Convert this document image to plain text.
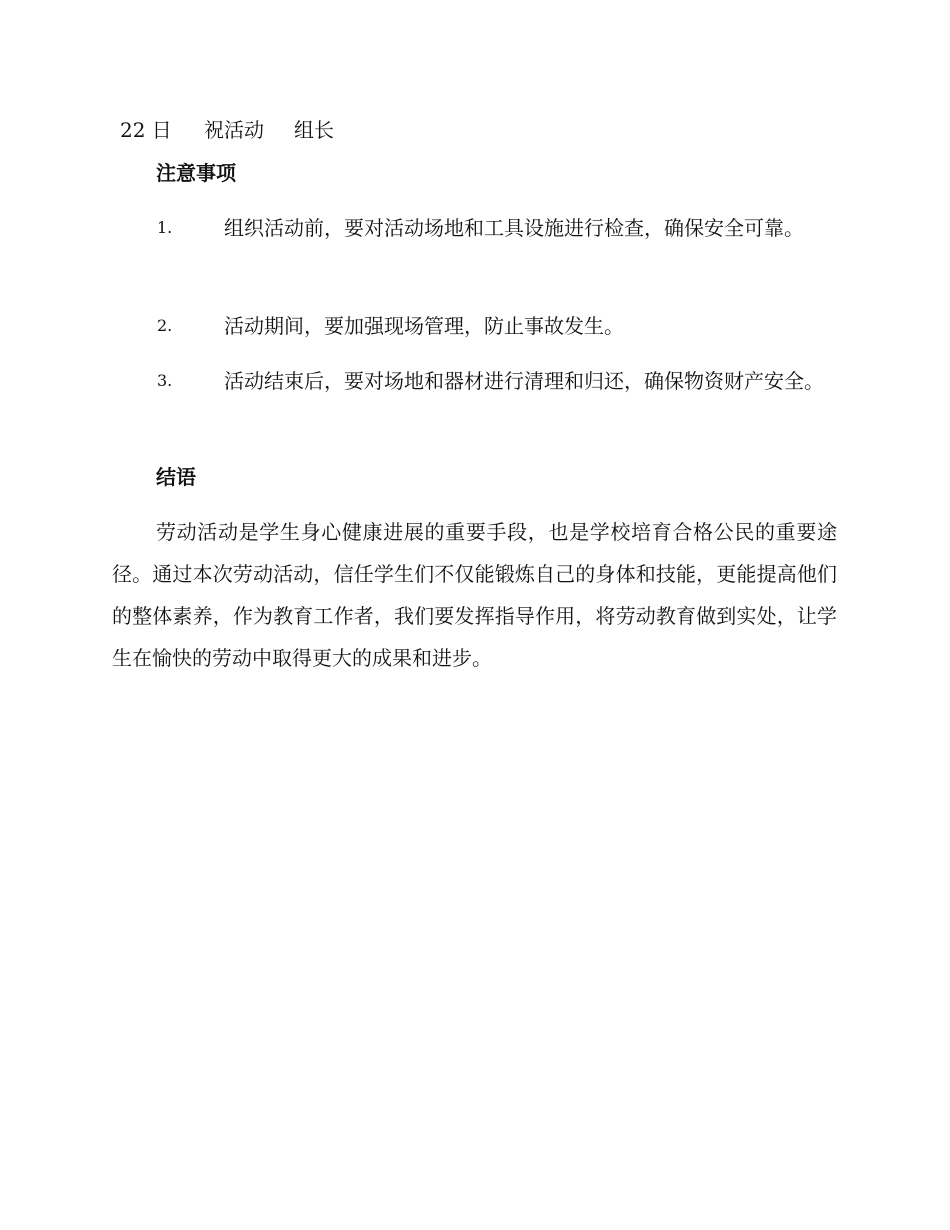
22 日 祝活动 组长
注意事项
1.	组织活动前，要对活动场地和工具设施进行检查，确保安全可靠。

2.	活动期间，要加强现场管理，防止事故发生。

3.	活动结束后，要对场地和器材进行清理和归还，确保物资财产安全。

结语

劳动活动是学生身心健康进展的重要手段，也是学校培育合格公民的重要途径。通过本次劳动活动，信任学生们不仅能锻炼自己的身体和技能，更能提高他们的整体素养，作为教育工作者，我们要发挥指导作用，将劳动教育做到实处，让学生在愉快的劳动中取得更大的成果和进步。
